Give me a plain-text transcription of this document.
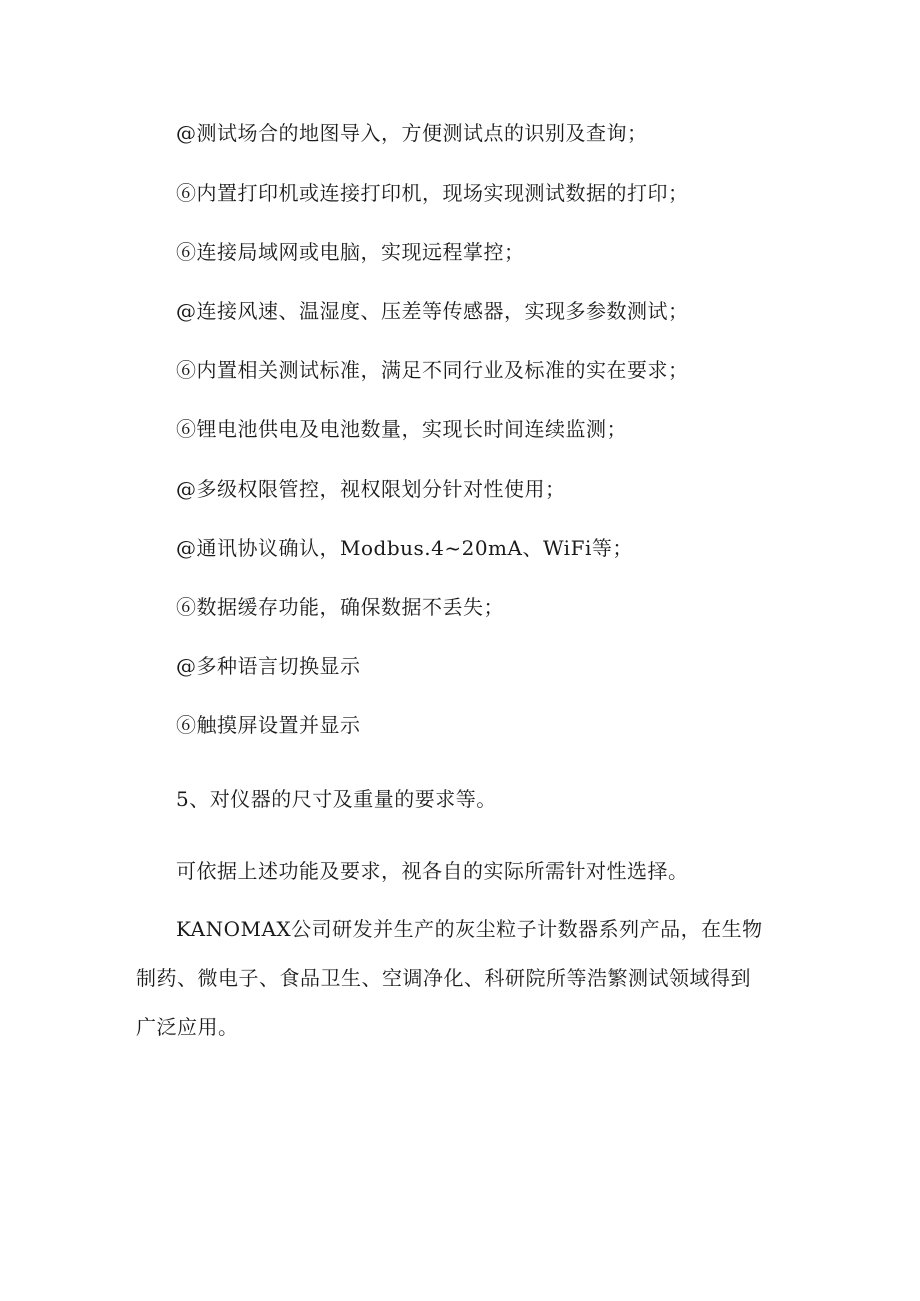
@测试场合的地图导入，方便测试点的识别及查询；
⑥内置打印机或连接打印机，现场实现测试数据的打印；
⑥连接局域网或电脑，实现远程掌控；
@连接风速、温湿度、压差等传感器，实现多参数测试；
⑥内置相关测试标准，满足不同行业及标准的实在要求；
⑥锂电池供电及电池数量，实现长时间连续监测；
@多级权限管控，视权限划分针对性使用；
@通讯协议确认，Modbus.4~20mA、WiFi等；
⑥数据缓存功能，确保数据不丢失；
@多种语言切换显示
⑥触摸屏设置并显示
5、对仪器的尺寸及重量的要求等。
可依据上述功能及要求，视各自的实际所需针对性选择。
KANOMAX公司研发并生产的灰尘粒子计数器系列产品，在生物
制药、微电子、食品卫生、空调净化、科研院所等浩繁测试领域得到
广泛应用。
